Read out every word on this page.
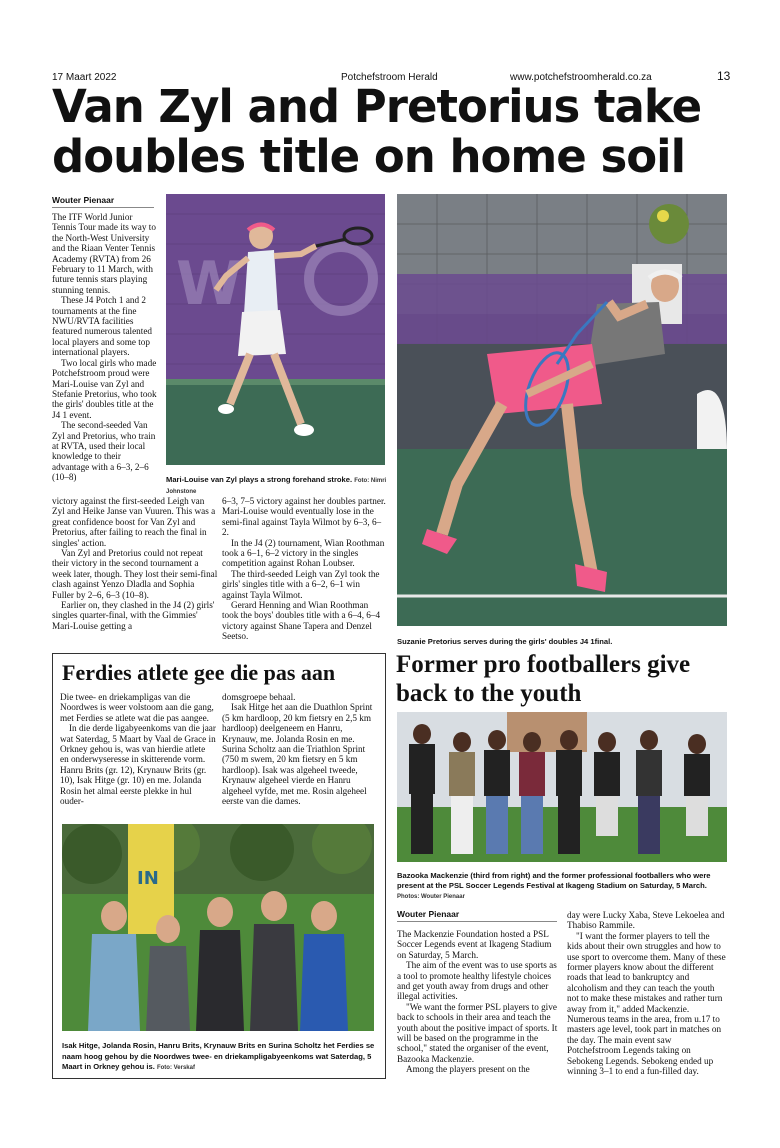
17 Maart 2022	Potchefstroom Herald	www.potchefstroomherald.co.za	13
Van Zyl and Pretorius take
doubles title on home soil
Wouter Pienaar

The ITF World Junior Tennis Tour made its way to the North-West University and the Riaan Venter Tennis Academy (RVTA) from 26 February to 11 March, with future tennis stars playing stunning tennis.

These J4 Potch 1 and 2 tournaments at the fine NWU/RVTA facilities featured numerous talented local players and some top international players.

Two local girls who made Potchefstroom proud were Mari-Louise van Zyl and Stefanie Pretorius, who took the girls' doubles title at the J4 1 event.

The second-seeded Van Zyl and Pretorius, who train at RVTA, used their local knowledge to their advantage with a 6–3, 2–6 (10–8)

W
Mari-Louise van Zyl plays a strong forehand stroke. Foto: Nimri Johnstone
Suzanie Pretorius serves during the girls' doubles J4 1final.

victory against the first-seeded Leigh van Zyl and Heike Janse van Vuuren. This was a great confidence boost for Van Zyl and Pretorius, after failing to reach the final in singles' action.

Van Zyl and Pretorius could not repeat their victory in the second tournament a week later, though. They lost their semi-final clash against Yenzo Dladla and Sophia Fuller by 2–6, 6–3 (10–8).

Earlier on, they clashed in the J4 (2) girls' singles quarter-final, with the Gimmies' Mari-Louise getting a

6–3, 7–5 victory against her doubles partner. Mari-Louise would eventually lose in the semi-final against Tayla Wilmot by 6–3, 6–2.

In the J4 (2) tournament, Wian Roothman took a 6–1, 6–2 victory in the singles competition against Rohan Loubser.

The third-seeded Leigh van Zyl took the girls' singles title with a 6–2, 6–1 win against Tayla Wilmot.

Gerard Henning and Wian Roothman took the boys' doubles title with a 6–4, 6–4 victory against Shane Tapera and Denzel Seetso.

Ferdies atlete gee die pas aan

Die twee- en driekampligas van die Noordwes is weer volstoom aan die gang, met Ferdies se atlete wat die pas aangee.

In die derde ligabyeenkoms van die jaar wat Saterdag, 5 Maart by Vaal de Grace in Orkney gehou is, was van hierdie atlete en onderwyseresse in skitterende vorm. Hanru Brits (gr. 12), Krynauw Brits (gr. 10), Isak Hitge (gr. 10) en me. Jolanda Rosin het almal eerste plekke in hul ouder-

domsgroepe behaal.

Isak Hitge het aan die Duathlon Sprint (5 km hardloop, 20 km fietsry en 2,5 km hardloop) deelgeneem en Hanru, Krynauw, me. Jolanda Rosin en me. Surina Scholtz aan die Triathlon Sprint (750 m swem, 20 km fietsry en 5 km hardloop). Isak was algeheel tweede, Krynauw algeheel vierde en Hanru algeheel vyfde, met me. Rosin algeheel eerste van die dames.

IN
Isak Hitge, Jolanda Rosin, Hanru Brits, Krynauw Brits en Surina Scholtz het Ferdies se naam hoog gehou by die Noordwes twee- en driekampligabyeenkoms wat Saterdag, 5 Maart in Orkney gehou is. Foto: Verskaf
Former pro footballers give
back to the youth
Bazooka Mackenzie (third from right) and the former professional footballers who were present at the PSL Soccer Legends Festival at Ikageng Stadium on Saturday, 5 March. Photos: Wouter Pienaar
Wouter Pienaar

The Mackenzie Foundation hosted a PSL Soccer Legends event at Ikageng Stadium on Saturday, 5 March.

The aim of the event was to use sports as a tool to promote healthy lifestyle choices and get youth away from drugs and other illegal activities.

"We want the former PSL players to give back to schools in their area and teach the youth about the positive impact of sports. It will be based on the programme in the school," stated the organiser of the event, Bazooka Mackenzie.

Among the players present on the

day were Lucky Xaba, Steve Lekoelea and Thabiso Rammile.

"I want the former players to tell the kids about their own struggles and how to use sport to overcome them. Many of these former players know about the different roads that lead to bankruptcy and alcoholism and they can teach the youth not to make these mistakes and rather turn away from it," added Mackenzie. Numerous teams in the area, from u.17 to masters age level, took part in matches on the day. The main event saw Potchefstroom Legends taking on Sebokeng Legends. Sebokeng ended up winning 3–1 to end a fun-filled day.
